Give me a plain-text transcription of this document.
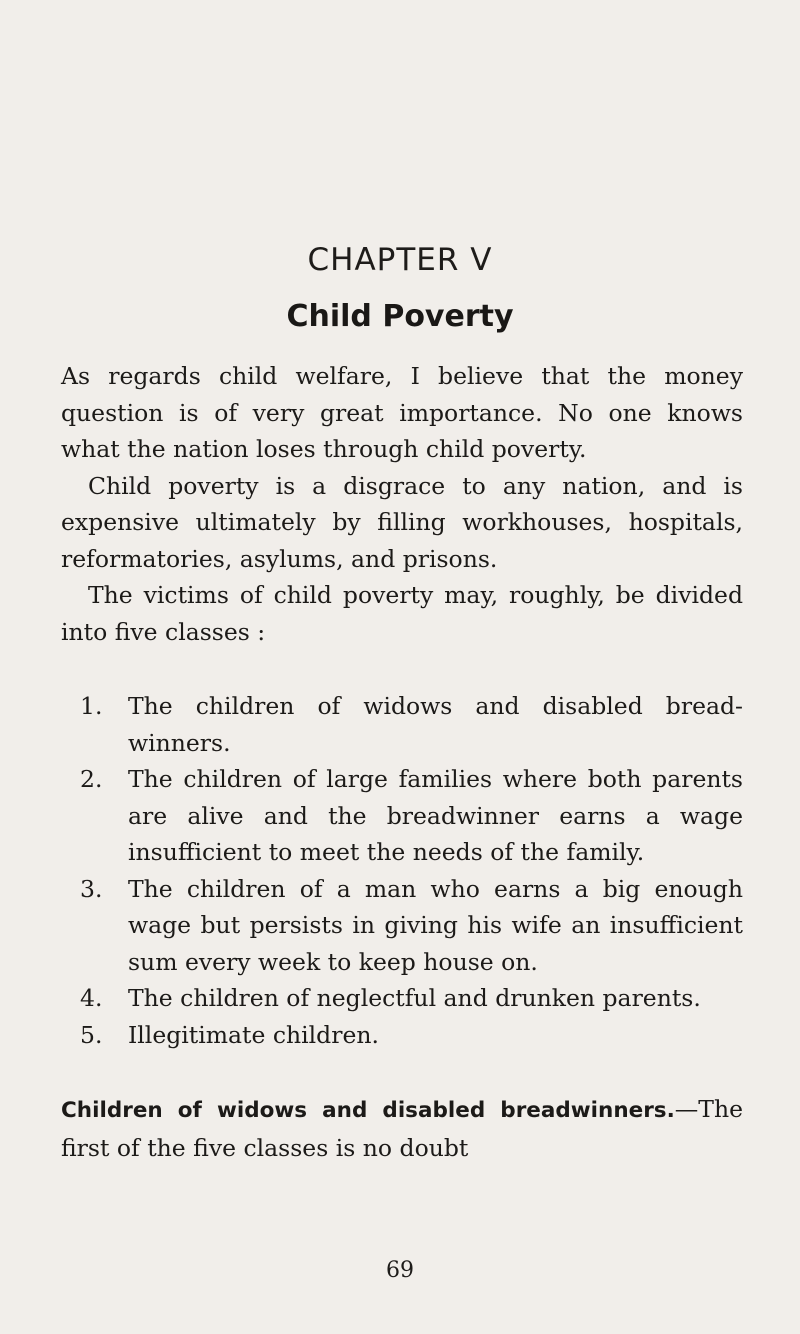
CHAPTER V
Child Poverty

As regards child welfare, I believe that the money question is of very great importance. No one knows what the nation loses through child poverty.

Child poverty is a disgrace to any nation, and is expensive ultimately by filling workhouses, hospitals, reformatories, asylums, and prisons.

The victims of child poverty may, roughly, be divided into five classes :

1. The children of widows and disabled breadwinners.
2. The children of large families where both parents are alive and the breadwinner earns a wage insufficient to meet the needs of the family.
3. The children of a man who earns a big enough wage but persists in giving his wife an insufficient sum every week to keep house on.
4. The children of neglectful and drunken parents.
5. Illegitimate children.

Children of widows and disabled breadwinners.—The first of the five classes is no doubt

69
